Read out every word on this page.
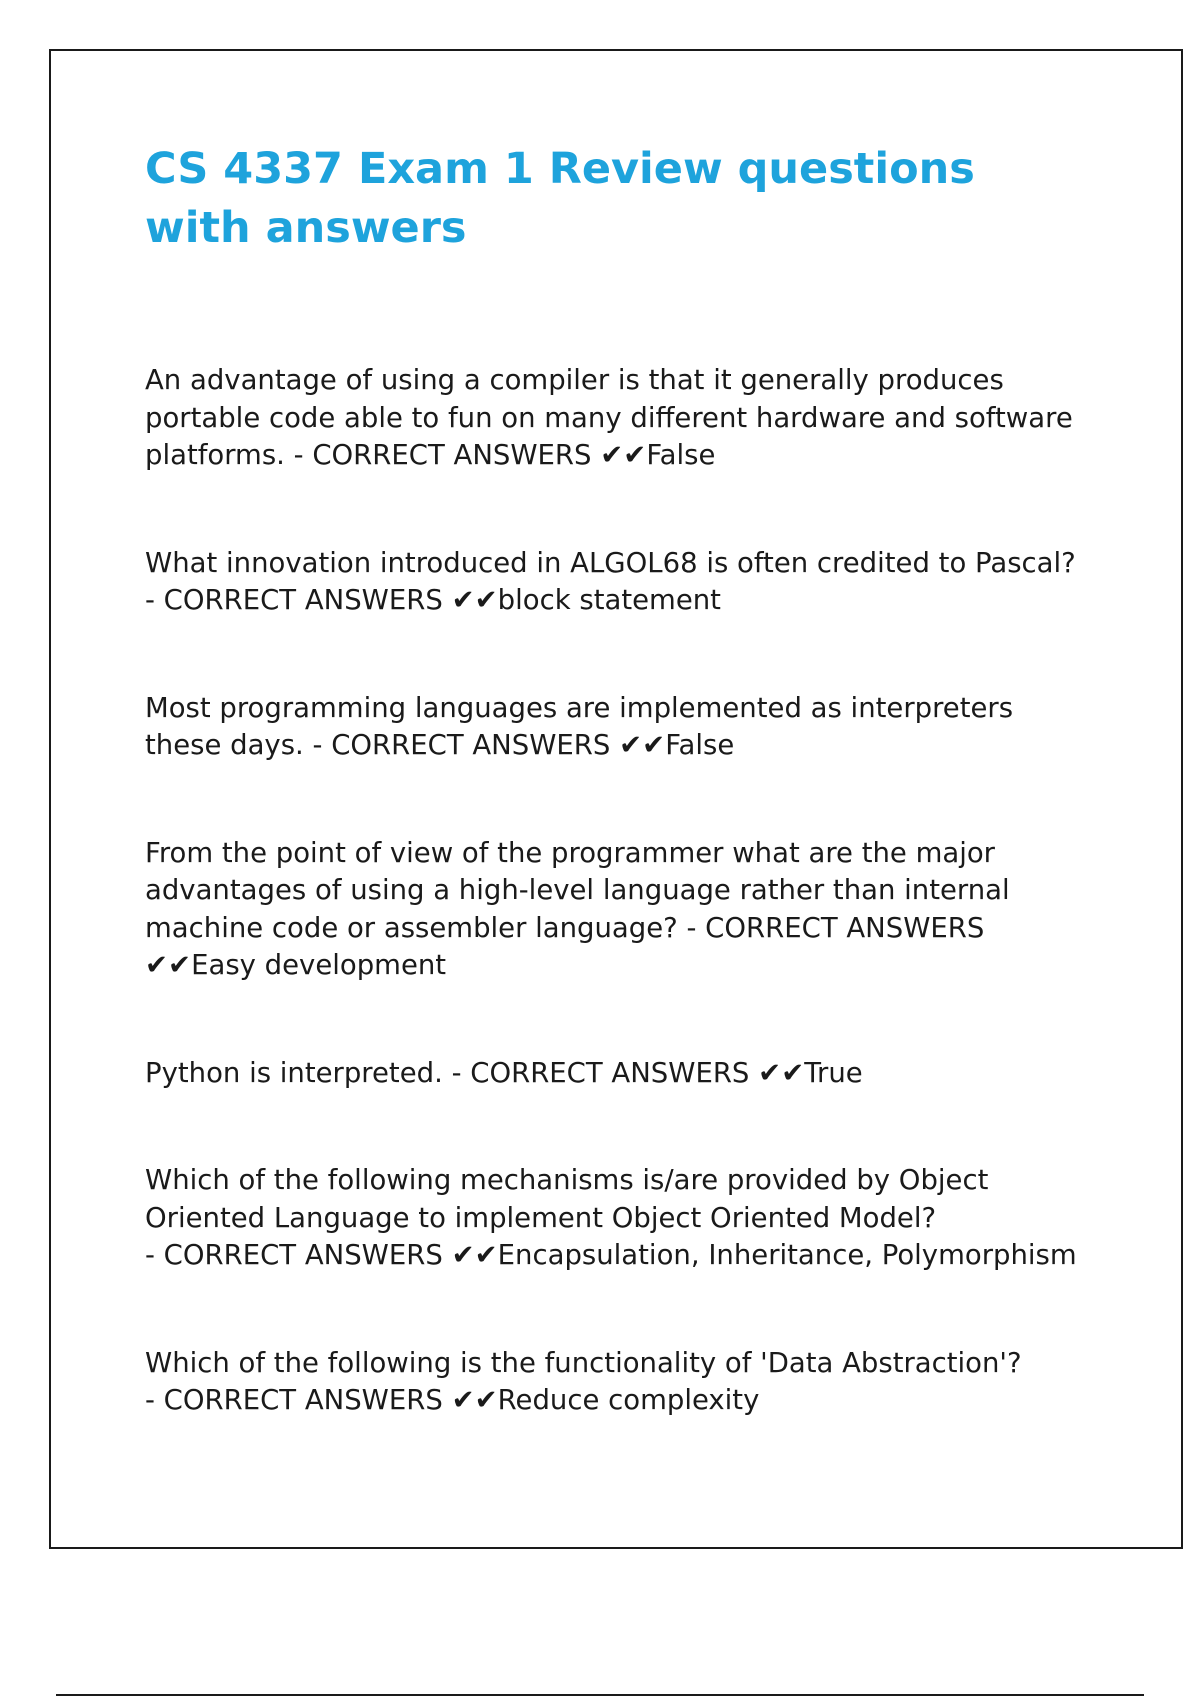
CS 4337 Exam 1 Review questions
with answers

An advantage of using a compiler is that it generally produces portable code able to fun on many different hardware and software platforms. - CORRECT ANSWERS ✔✔False

What innovation introduced in ALGOL68 is often credited to Pascal? - CORRECT ANSWERS ✔✔block statement

Most programming languages are implemented as interpreters these days. - CORRECT ANSWERS ✔✔False

From the point of view of the programmer what are the major advantages of using a high-level language rather than internal machine code or assembler language? - CORRECT ANSWERS ✔✔Easy development

Python is interpreted. - CORRECT ANSWERS ✔✔True

Which of the following mechanisms is/are provided by Object Oriented Language to implement Object Oriented Model? - CORRECT ANSWERS ✔✔Encapsulation, Inheritance, Polymorphism

Which of the following is the functionality of 'Data Abstraction'? - CORRECT ANSWERS ✔✔Reduce complexity
